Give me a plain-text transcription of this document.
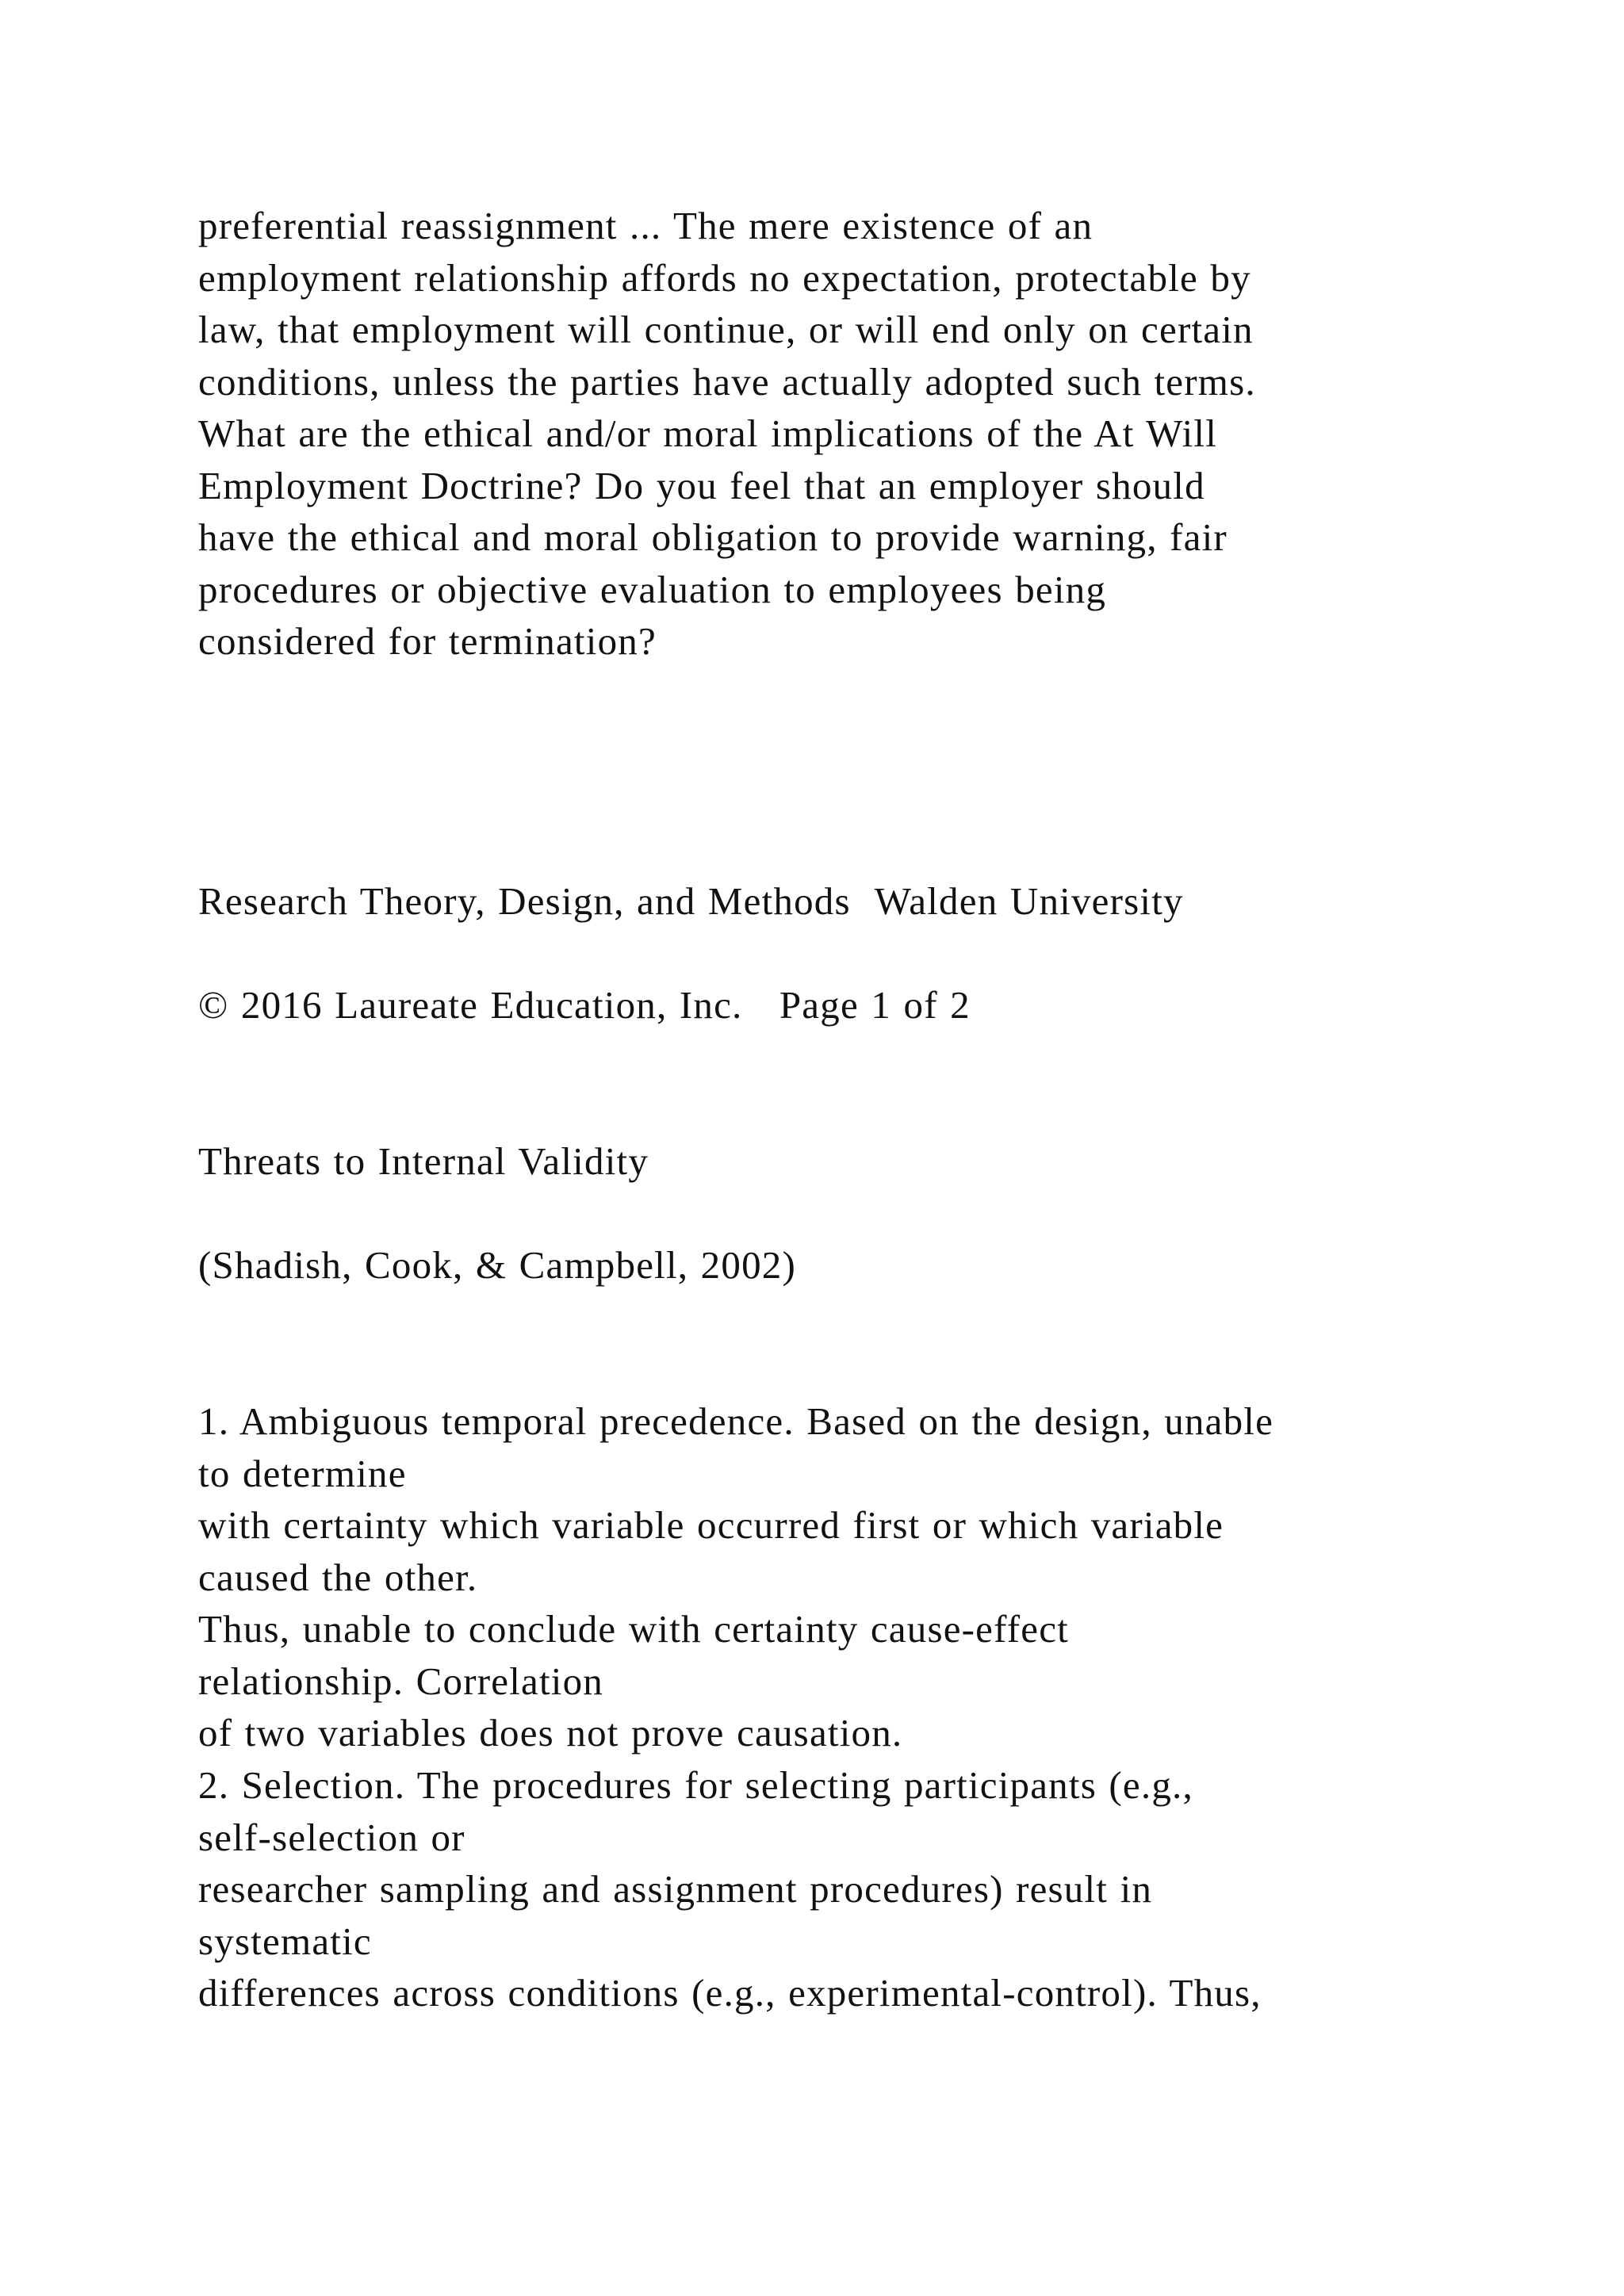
preferential reassignment ... The mere existence of an
employment relationship affords no expectation, protectable by
law, that employment will continue, or will end only on certain
conditions, unless the parties have actually adopted such terms.
What are the ethical and/or moral implications of the At Will
Employment Doctrine? Do you feel that an employer should
have the ethical and moral obligation to provide warning, fair
procedures or objective evaluation to employees being
considered for termination?
Research Theory, Design, and Methods  Walden University
© 2016 Laureate Education, Inc.   Page 1 of 2
Threats to Internal Validity
(Shadish, Cook, & Campbell, 2002)
1. Ambiguous temporal precedence. Based on the design, unable
to determine
with certainty which variable occurred first or which variable
caused the other.
Thus, unable to conclude with certainty cause-effect
relationship. Correlation
of two variables does not prove causation.
2. Selection. The procedures for selecting participants (e.g.,
self-selection or
researcher sampling and assignment procedures) result in
systematic
differences across conditions (e.g., experimental-control). Thus,
